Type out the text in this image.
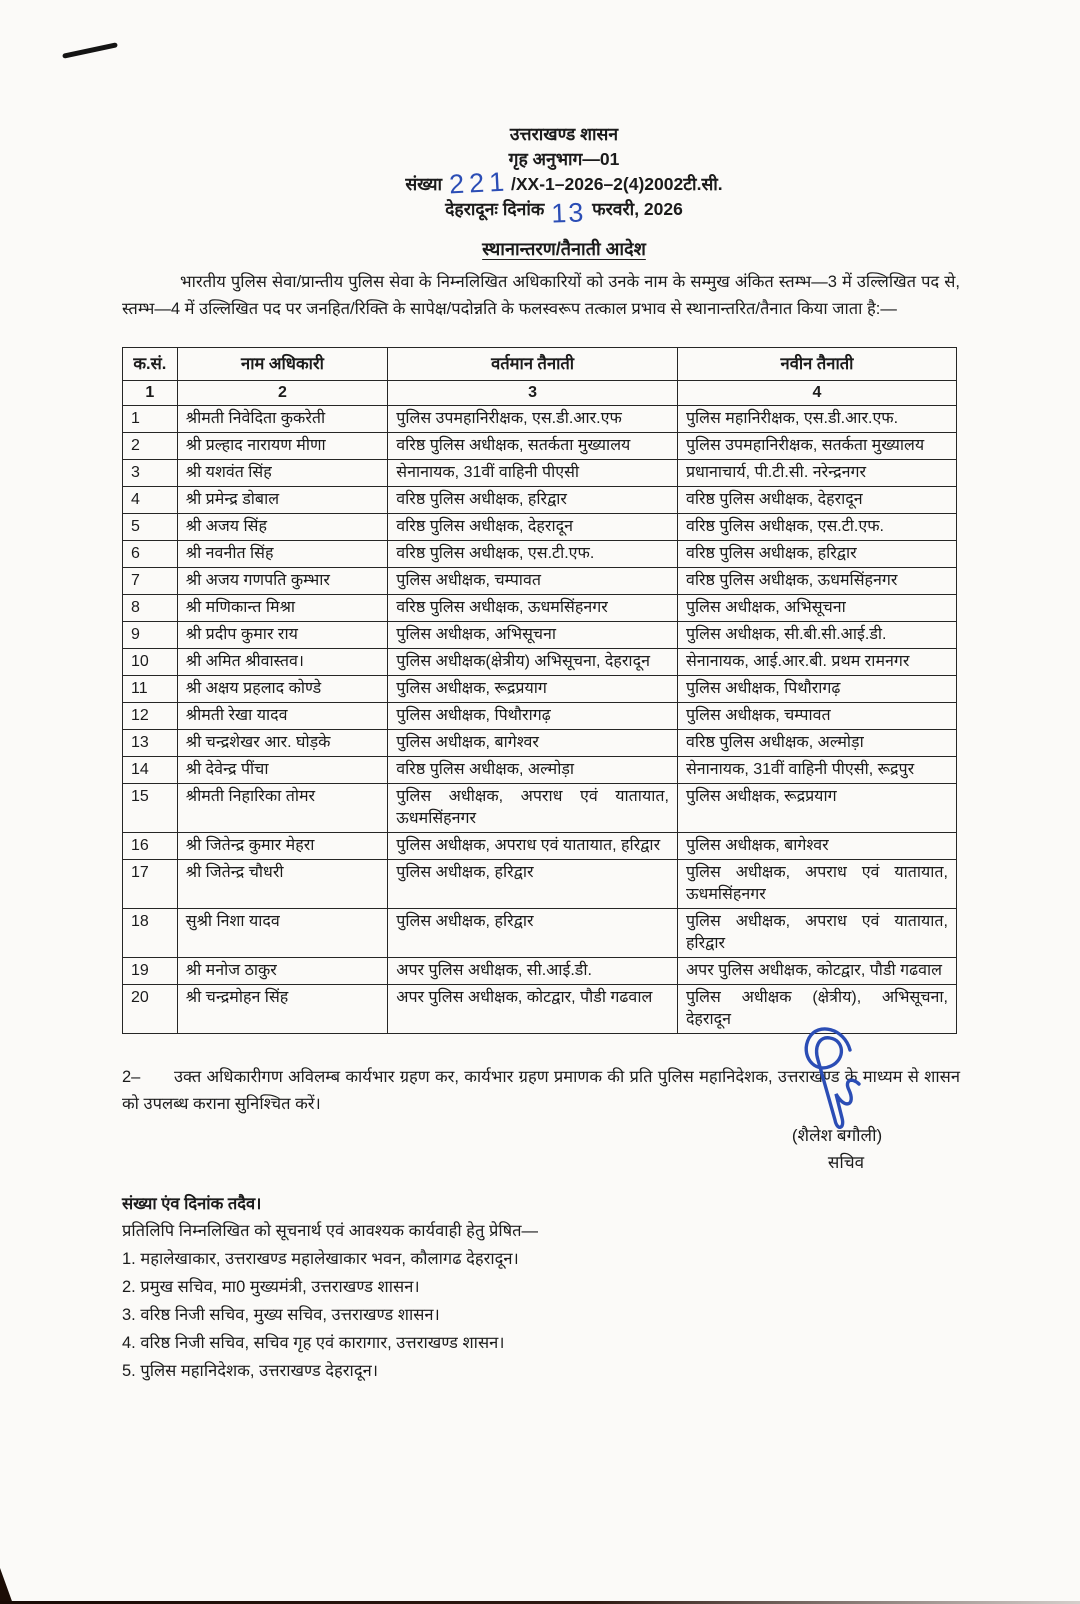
उत्तराखण्ड शासन
गृह अनुभाग—01
संख्या 221/XX-1–2026–2(4)2002टी.सी.
देहरादूनः दिनांक 13 फरवरी, 2026
स्थानान्तरण/तैनाती आदेश
भारतीय पुलिस सेवा/प्रान्तीय पुलिस सेवा के निम्नलिखित अधिकारियों को उनके नाम के सम्मुख अंकित स्तम्भ—3 में उल्लिखित पद से, स्तम्भ—4 में उल्लिखित पद पर जनहित/रिक्ति के सापेक्ष/पदोन्नति के फलस्वरूप तत्काल प्रभाव से स्थानान्तरित/तैनात किया जाता है:—
क.सं.	नाम अधिकारी	वर्तमान तैनाती	नवीन तैनाती
1	2	3	4
1	श्रीमती निवेदिता कुकरेती	पुलिस उपमहानिरीक्षक, एस.डी.आर.एफ	पुलिस महानिरीक्षक, एस.डी.आर.एफ.
2	श्री प्रल्हाद नारायण मीणा	वरिष्ठ पुलिस अधीक्षक, सतर्कता मुख्यालय	पुलिस उपमहानिरीक्षक, सतर्कता मुख्यालय
3	श्री यशवंत सिंह	सेनानायक, 31वीं वाहिनी पीएसी	प्रधानाचार्य, पी.टी.सी. नरेन्द्रनगर
4	श्री प्रमेन्द्र डोबाल	वरिष्ठ पुलिस अधीक्षक, हरिद्वार	वरिष्ठ पुलिस अधीक्षक, देहरादून
5	श्री अजय सिंह	वरिष्ठ पुलिस अधीक्षक, देहरादून	वरिष्ठ पुलिस अधीक्षक, एस.टी.एफ.
6	श्री नवनीत सिंह	वरिष्ठ पुलिस अधीक्षक, एस.टी.एफ.	वरिष्ठ पुलिस अधीक्षक, हरिद्वार
7	श्री अजय गणपति कुम्भार	पुलिस अधीक्षक, चम्पावत	वरिष्ठ पुलिस अधीक्षक, ऊधमसिंहनगर
8	श्री मणिकान्त मिश्रा	वरिष्ठ पुलिस अधीक्षक, ऊधमसिंहनगर	पुलिस अधीक्षक, अभिसूचना
9	श्री प्रदीप कुमार राय	पुलिस अधीक्षक, अभिसूचना	पुलिस अधीक्षक, सी.बी.सी.आई.डी.
10	श्री अमित श्रीवास्तव।	पुलिस अधीक्षक(क्षेत्रीय) अभिसूचना, देहरादून	सेनानायक, आई.आर.बी. प्रथम रामनगर
11	श्री अक्षय प्रहलाद कोण्डे	पुलिस अधीक्षक, रूद्रप्रयाग	पुलिस अधीक्षक, पिथौरागढ़
12	श्रीमती रेखा यादव	पुलिस अधीक्षक, पिथौरागढ़	पुलिस अधीक्षक, चम्पावत
13	श्री चन्द्रशेखर आर. घोड़के	पुलिस अधीक्षक, बागेश्वर	वरिष्ठ पुलिस अधीक्षक, अल्मोड़ा
14	श्री देवेन्द्र पींचा	वरिष्ठ पुलिस अधीक्षक, अल्मोड़ा	सेनानायक, 31वीं वाहिनी पीएसी, रूद्रपुर
15	श्रीमती निहारिका तोमर	पुलिस अधीक्षक, अपराध एवं यातायात, ऊधमसिंहनगर	पुलिस अधीक्षक, रूद्रप्रयाग
16	श्री जितेन्द्र कुमार मेहरा	पुलिस अधीक्षक, अपराध एवं यातायात, हरिद्वार	पुलिस अधीक्षक, बागेश्वर
17	श्री जितेन्द्र चौधरी	पुलिस अधीक्षक, हरिद्वार	पुलिस अधीक्षक, अपराध एवं यातायात, ऊधमसिंहनगर
18	सुश्री निशा यादव	पुलिस अधीक्षक, हरिद्वार	पुलिस अधीक्षक, अपराध एवं यातायात, हरिद्वार
19	श्री मनोज ठाकुर	अपर पुलिस अधीक्षक, सी.आई.डी.	अपर पुलिस अधीक्षक, कोटद्वार, पौडी गढवाल
20	श्री चन्द्रमोहन सिंह	अपर पुलिस अधीक्षक, कोटद्वार, पौडी गढवाल	पुलिस अधीक्षक (क्षेत्रीय), अभिसूचना, देहरादून
2– उक्त अधिकारीगण अविलम्ब कार्यभार ग्रहण कर, कार्यभार ग्रहण प्रमाणक की प्रति पुलिस महानिदेशक, उत्तराखण्ड के माध्यम से शासन को उपलब्ध कराना सुनिश्चित करें।
(शैलेश बगौली)
सचिव
संख्या एंव दिनांक तदैव।
प्रतिलिपि निम्नलिखित को सूचनार्थ एवं आवश्यक कार्यवाही हेतु प्रेषित—
1. महालेखाकार, उत्तराखण्ड महालेखाकार भवन, कौलागढ देहरादून।
2. प्रमुख सचिव, मा0 मुख्यमंत्री, उत्तराखण्ड शासन।
3. वरिष्ठ निजी सचिव, मुख्य सचिव, उत्तराखण्ड शासन।
4. वरिष्ठ निजी सचिव, सचिव गृह एवं कारागार, उत्तराखण्ड शासन।
5. पुलिस महानिदेशक, उत्तराखण्ड देहरादून।
